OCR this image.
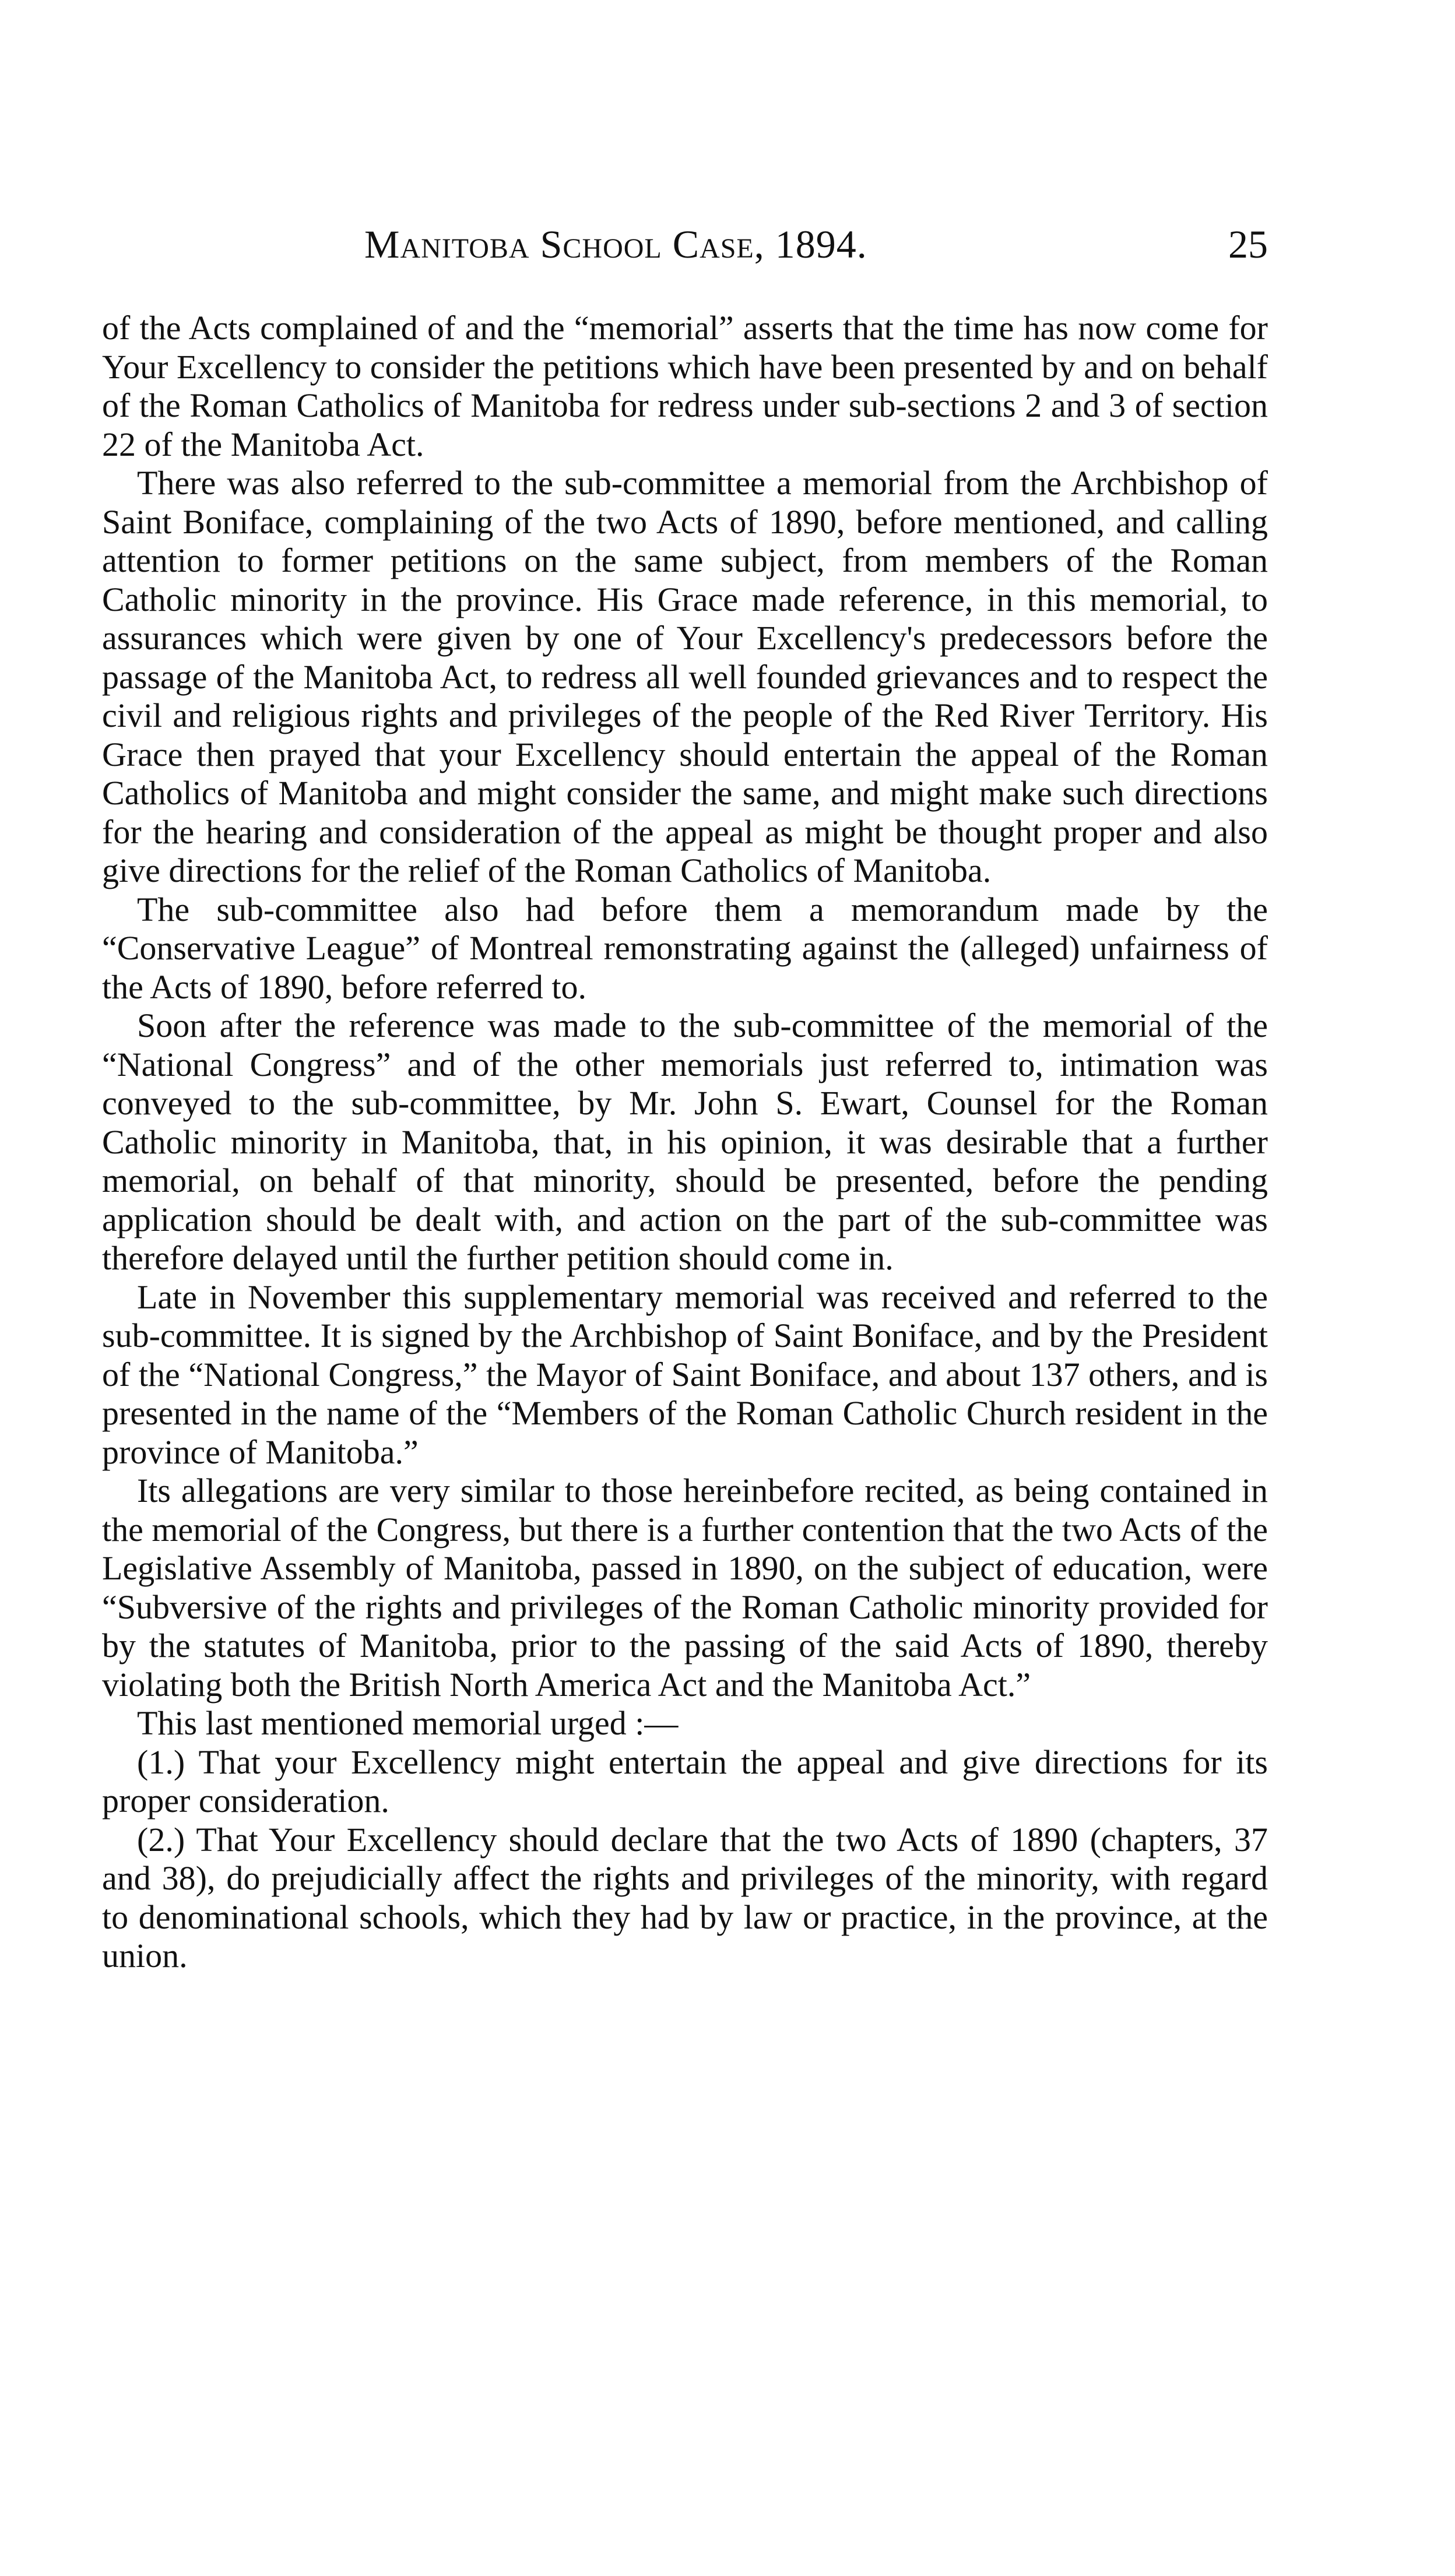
Manitoba School Case, 1894.	25

of the Acts complained of and the “memorial” asserts that the time has now come for Your Excellency to consider the petitions which have been presented by and on behalf of the Roman Catholics of Manitoba for redress under sub-sections 2 and 3 of section 22 of the Manitoba Act.

There was also referred to the sub-committee a memorial from the Archbishop of Saint Boniface, complaining of the two Acts of 1890, before mentioned, and calling attention to former petitions on the same subject, from members of the Roman Catholic minority in the province. His Grace made reference, in this memorial, to assurances which were given by one of Your Excellency's predecessors before the passage of the Manitoba Act, to redress all well founded grievances and to respect the civil and religious rights and privileges of the people of the Red River Territory. His Grace then prayed that your Excellency should entertain the appeal of the Roman Catholics of Manitoba and might consider the same, and might make such directions for the hearing and consideration of the appeal as might be thought proper and also give directions for the relief of the Roman Catholics of Manitoba.

The sub-committee also had before them a memorandum made by the “Conservative League” of Montreal remonstrating against the (alleged) unfairness of the Acts of 1890, before referred to.

Soon after the reference was made to the sub-committee of the memorial of the “National Congress” and of the other memorials just referred to, intimation was conveyed to the sub-committee, by Mr. John S. Ewart, Counsel for the Roman Catholic minority in Manitoba, that, in his opinion, it was desirable that a further memorial, on behalf of that minority, should be presented, before the pending application should be dealt with, and action on the part of the sub-committee was therefore delayed until the further petition should come in.

Late in November this supplementary memorial was received and referred to the sub-committee. It is signed by the Archbishop of Saint Boniface, and by the President of the “National Congress,” the Mayor of Saint Boniface, and about 137 others, and is presented in the name of the “Members of the Roman Catholic Church resident in the province of Manitoba.”

Its allegations are very similar to those hereinbefore recited, as being contained in the memorial of the Congress, but there is a further contention that the two Acts of the Legislative Assembly of Manitoba, passed in 1890, on the subject of education, were “Subversive of the rights and privileges of the Roman Catholic minority provided for by the statutes of Manitoba, prior to the passing of the said Acts of 1890, thereby violating both the British North America Act and the Manitoba Act.”

This last mentioned memorial urged :—

(1.) That your Excellency might entertain the appeal and give directions for its proper consideration.

(2.) That Your Excellency should declare that the two Acts of 1890 (chapters, 37 and 38), do prejudicially affect the rights and privileges of the minority, with regard to denominational schools, which they had by law or practice, in the province, at the union.
